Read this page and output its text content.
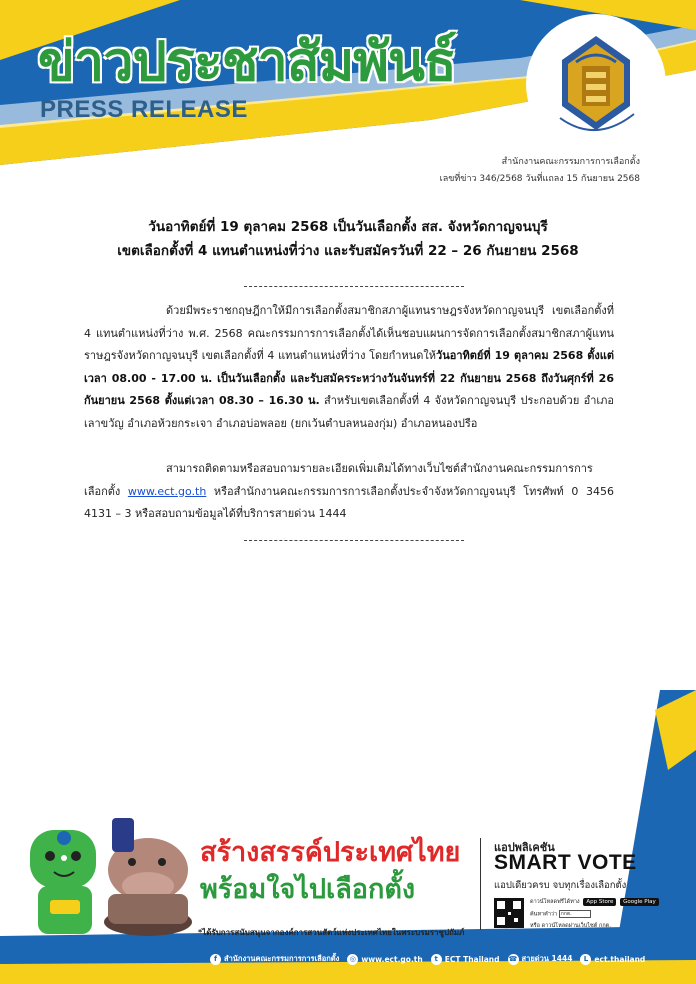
ข่าวประชาสัมพันธ์
PRESS RELEASE
สำนักงานคณะกรรมการการเลือกตั้ง
เลขที่ข่าว 346/2568 วันที่แถลง 15 กันยายน 2568
วันอาทิตย์ที่ 19 ตุลาคม 2568 เป็นวันเลือกตั้ง สส. จังหวัดกาญจนบุรี
เขตเลือกตั้งที่ 4 แทนตำแหน่งที่ว่าง และรับสมัครวันที่ 22 – 26 กันยายน 2568
ด้วยมีพระราชกฤษฎีกาให้มีการเลือกตั้งสมาชิกสภาผู้แทนราษฎรจังหวัดกาญจนบุรี เขตเลือกตั้งที่ 4 แทนตำแหน่งที่ว่าง พ.ศ. 2568 คณะกรรมการการเลือกตั้งได้เห็นชอบแผนการจัดการเลือกตั้งสมาชิกสภาผู้แทนราษฎรจังหวัดกาญจนบุรี เขตเลือกตั้งที่ 4 แทนตำแหน่งที่ว่าง โดยกำหนดให้วันอาทิตย์ที่ 19 ตุลาคม 2568 ตั้งแต่เวลา 08.00 - 17.00 น. เป็นวันเลือกตั้ง และรับสมัครระหว่างวันจันทร์ที่ 22 กันยายน 2568 ถึงวันศุกร์ที่ 26 กันยายน 2568 ตั้งแต่เวลา 08.30 – 16.30 น. สำหรับเขตเลือกตั้งที่ 4 จังหวัดกาญจนบุรี ประกอบด้วย อำเภอเลาขวัญ อำเภอห้วยกระเจา อำเภอบ่อพลอย (ยกเว้นตำบลหนองกุ่ม) อำเภอหนองปรือ
สามารถติดตามหรือสอบถามรายละเอียดเพิ่มเติมได้ทางเว็บไซต์สำนักงานคณะกรรมการการเลือกตั้ง www.ect.go.th หรือสำนักงานคณะกรรมการการเลือกตั้งประจำจังหวัดกาญจนบุรี โทรศัพท์ 0 3456 4131 – 3 หรือสอบถามข้อมูลได้ที่บริการสายด่วน 1444
สร้างสรรค์ประเทศไทย
พร้อมใจไปเลือกตั้ง
*ได้รับการสนับสนุนจากองค์การสวนสัตว์แห่งประเทศไทยในพระบรมราชูปถัมภ์
แอปพลิเคชัน
SMART VOTE
แอปเดียวครบ จบทุกเรื่องเลือกตั้ง
ดาวน์โหลดฟรีได้ทาง App Store Google Play
ค้นหาคำว่า กกต.
หรือ ดาวน์โหลดผ่านเว็บไซต์ กกต.
f สำนักงานคณะกรรมการการเลือกตั้ง	◎ www.ect.go.th	t ECT Thailand ☎ สายด่วน 1444	L ect.thailand
